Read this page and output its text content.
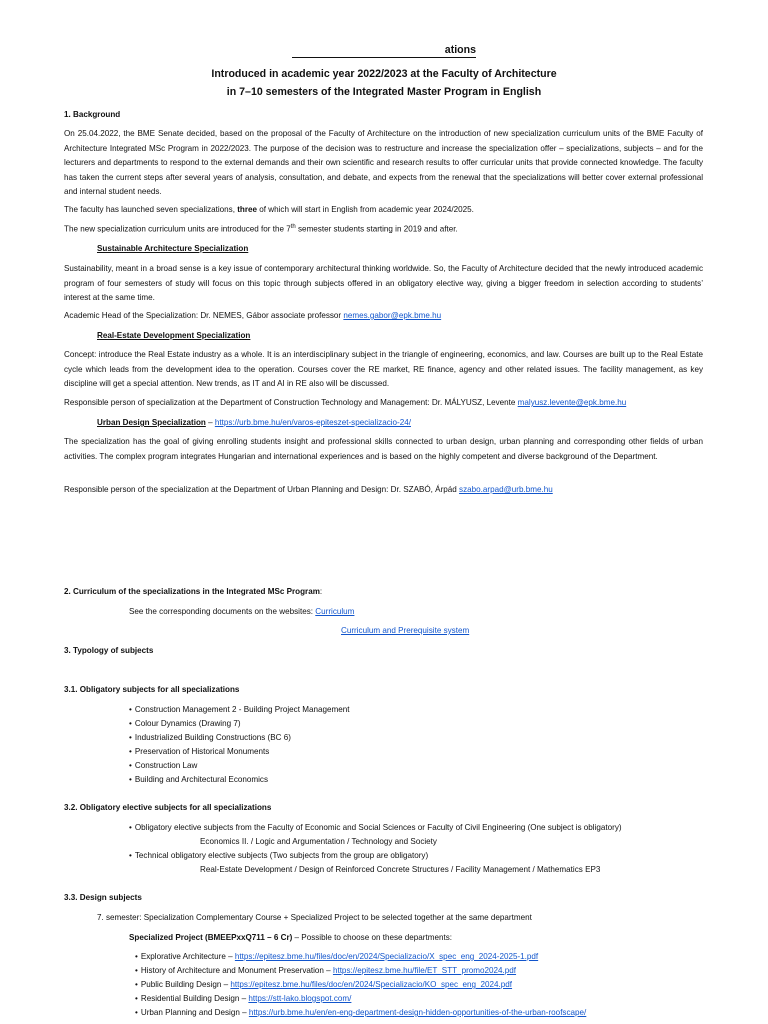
ations
Introduced in academic year 2022/2023 at the Faculty of Architecture
in 7–10 semesters of the Integrated Master Program in English
1. Background
On 25.04.2022, the BME Senate decided, based on the proposal of the Faculty of Architecture on the introduction of new specialization curriculum units of the BME Faculty of Architecture Integrated MSc Program in 2022/2023. The purpose of the decision was to restructure and increase the specialization offer – specializations, subjects – and for the lecturers and departments to respond to the external demands and their own scientific and research results to offer curricular units that provide connected knowledge. The faculty has taken the current steps after several years of analysis, consultation, and debate, and expects from the renewal that the specializations will better cover external professional and internal student needs.
The faculty has launched seven specializations, three of which will start in English from academic year 2024/2025.
The new specialization curriculum units are introduced for the 7th semester students starting in 2019 and after.
Sustainable Architecture Specialization
Sustainability, meant in a broad sense is a key issue of contemporary architectural thinking worldwide. So, the Faculty of Architecture decided that the newly introduced academic program of four semesters of study will focus on this topic through subjects offered in an obligatory elective way, giving a bigger freedom in selection according to students’ interest at the same time.
Academic Head of the Specialization: Dr. NEMES, Gábor associate professor nemes.gabor@epk.bme.hu
Real-Estate Development Specialization
Concept: introduce the Real Estate industry as a whole. It is an interdisciplinary subject in the triangle of engineering, economics, and law. Courses are built up to the Real Estate cycle which leads from the development idea to the operation. Courses cover the RE market, RE finance, agency and other related issues. The facility management, as key discipline will get a special attention. New trends, as IT and AI in RE also will be discussed.
Responsible person of specialization at the Department of Construction Technology and Management: Dr. MÁLYUSZ, Levente malyusz.levente@epk.bme.hu
Urban Design Specialization – https://urb.bme.hu/en/varos-epiteszet-specializacio-24/
The specialization has the goal of giving enrolling students insight and professional skills connected to urban design, urban planning and corresponding other fields of urban activities. The complex program integrates Hungarian and international experiences and is based on the highly competent and diverse background of the Department.
Responsible person of the specialization at the Department of Urban Planning and Design: Dr. SZABÓ, Árpád szabo.arpad@urb.bme.hu
2. Curriculum of the specializations in the Integrated MSc Program:
See the corresponding documents on the websites: Curriculum
Curriculum and Prerequisite system
3. Typology of subjects
3.1. Obligatory subjects for all specializations
• Construction Management 2 - Building Project Management
• Colour Dynamics (Drawing 7)
• Industrialized Building Constructions (BC 6)
• Preservation of Historical Monuments
• Construction Law
• Building and Architectural Economics
3.2. Obligatory elective subjects for all specializations
• Obligatory elective subjects from the Faculty of Economic and Social Sciences or Faculty of Civil Engineering (One subject is obligatory)
Economics II. / Logic and Argumentation / Technology and Society
• Technical obligatory elective subjects (Two subjects from the group are obligatory)
Real-Estate Development / Design of Reinforced Concrete Structures / Facility Management / Mathematics EP3
3.3. Design subjects
7. semester: Specialization Complementary Course + Specialized Project to be selected together at the same department
Specialized Project (BMEEPxxQ711 – 6 Cr) – Possible to choose on these departments:
• Explorative Architecture – https://epitesz.bme.hu/files/doc/en/2024/Specializacio/X_spec_eng_2024-2025-1.pdf
• History of Architecture and Monument Preservation – https://epitesz.bme.hu/file/ET_STT_promo2024.pdf
• Public Building Design – https://epitesz.bme.hu/files/doc/en/2024/Specializacio/KO_spec_eng_2024.pdf
• Residential Building Design – https://stt-lako.blogspot.com/
• Urban Planning and Design – https://urb.bme.hu/en/en-eng-department-design-hidden-opportunities-of-the-urban-roofscape/
